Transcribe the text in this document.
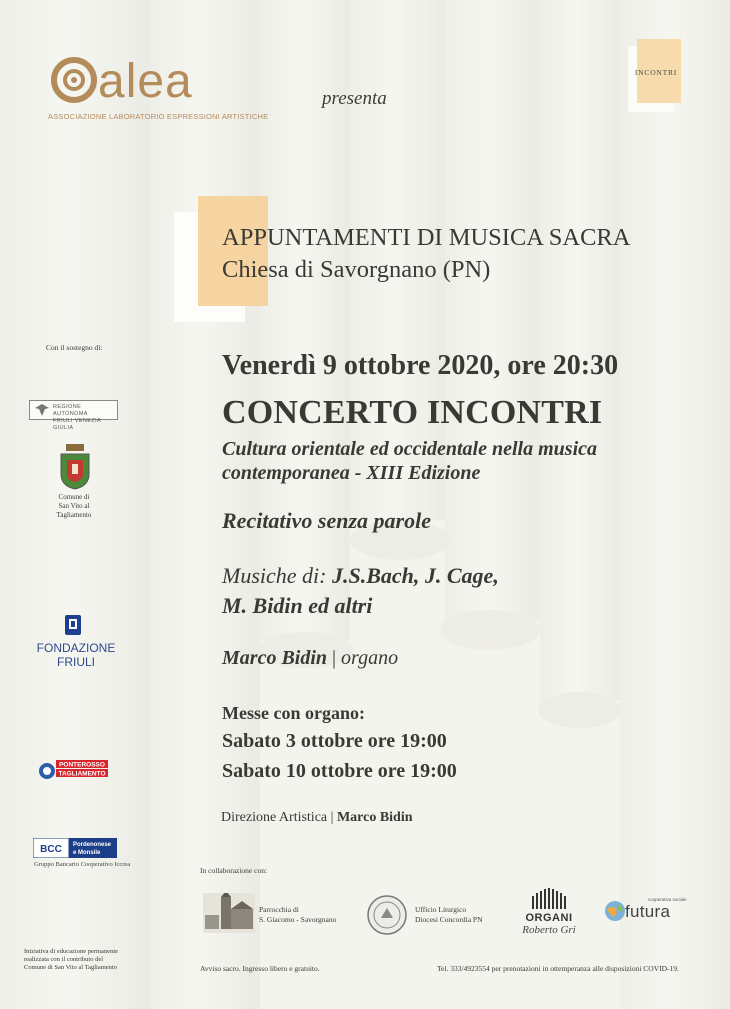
alea
ASSOCIAZIONE LABORATORIO ESPRESSIONI ARTISTICHE
presenta
INCONTRI
APPUNTAMENTI DI MUSICA SACRA
Chiesa di Savorgnano (PN)
Venerdì 9 ottobre 2020, ore 20:30
CONCERTO INCONTRI
Cultura orientale ed occidentale nella musica
contemporanea - XIII Edizione
Recitativo senza parole
Musiche di: J.S.Bach, J. Cage,
M. Bidin ed altri
Marco Bidin | organo
Messe con organo:
Sabato 3 ottobre ore 19:00
Sabato 10 ottobre ore 19:00
Direzione Artistica | Marco Bidin
Con il sostegno di:
REGIONE AUTONOMA
FRIULI VENEZIA GIULIA
Comune di
San Vito al Tagliamento
FONDAZIONE
FRIULI
PONTEROSSO
TAGLIAMENTO
BCC Pordenonese
e Monsile
Gruppo Bancario Cooperativo Iccrea
Iniziativa di educazione permanente
realizzata con il contributo del
Comune di San Vito al Tagliamento
In collaborazione con:
Parrocchia di
S. Giacomo - Savorgnano
Ufficio Liturgico
Diocesi Concordia PN	ORGANI
Roberto Gri
cooperativa sociale
futura
Avviso sacro. Ingresso libero e gratuito.	Tel. 333/4923554 per prenotazioni in ottemperanza alle disposizioni COVID-19.
